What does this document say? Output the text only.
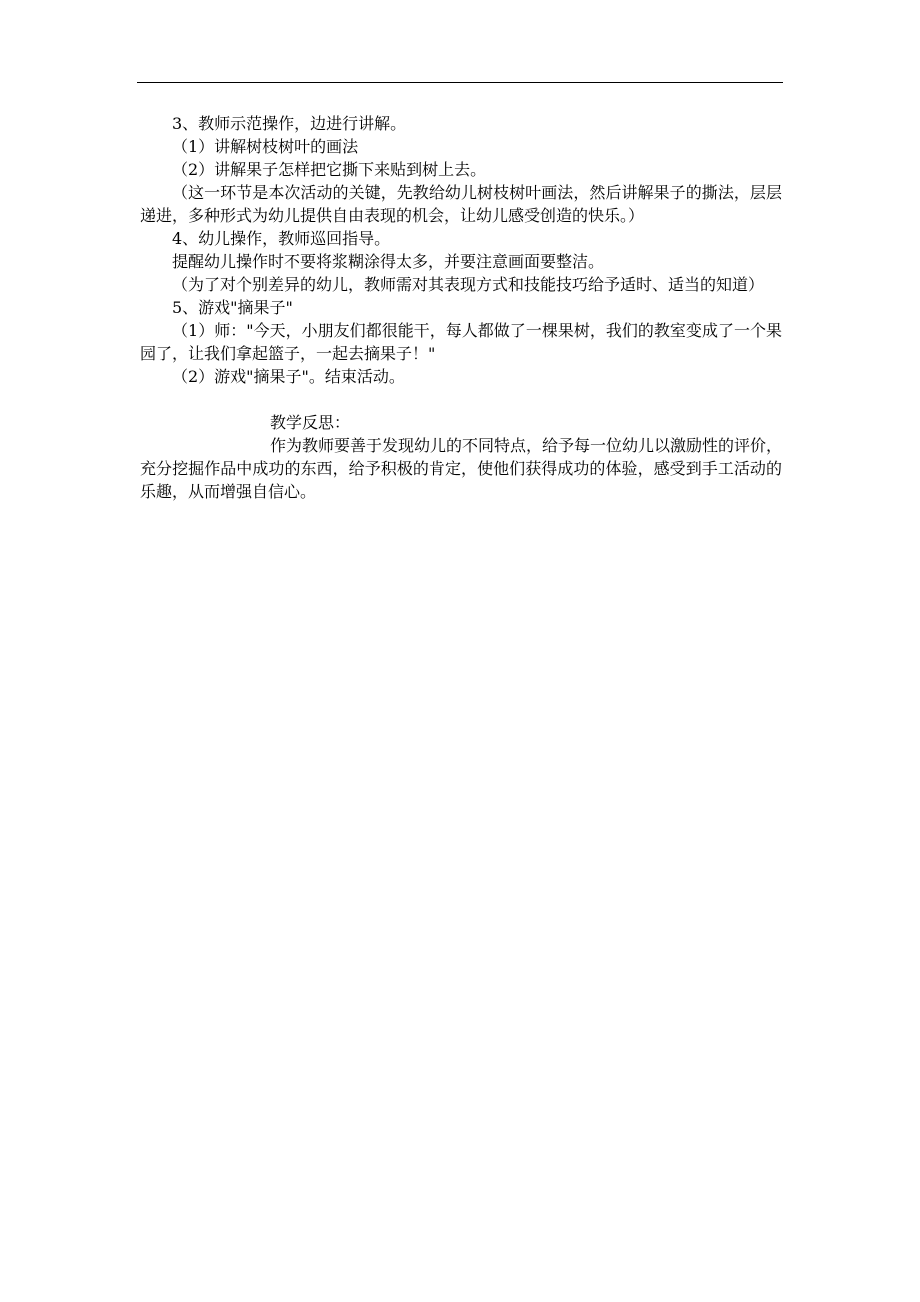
3、教师示范操作，边进行讲解。

（1）讲解树枝树叶的画法

（2）讲解果子怎样把它撕下来贴到树上去。

（这一环节是本次活动的关键，先教给幼儿树枝树叶画法，然后讲解果子的撕法，层层递进，多种形式为幼儿提供自由表现的机会，让幼儿感受创造的快乐。）

4、幼儿操作，教师巡回指导。

提醒幼儿操作时不要将浆糊涂得太多，并要注意画面要整洁。

（为了对个别差异的幼儿，教师需对其表现方式和技能技巧给予适时、适当的知道）

5、游戏"摘果子"

（1）师："今天，小朋友们都很能干，每人都做了一棵果树，我们的教室变成了一个果园了，让我们拿起篮子，一起去摘果子！"

（2）游戏"摘果子"。结束活动。

教学反思：

作为教师要善于发现幼儿的不同特点，给予每一位幼儿以激励性的评价，充分挖掘作品中成功的东西，给予积极的肯定，使他们获得成功的体验，感受到手工活动的乐趣，从而增强自信心。
